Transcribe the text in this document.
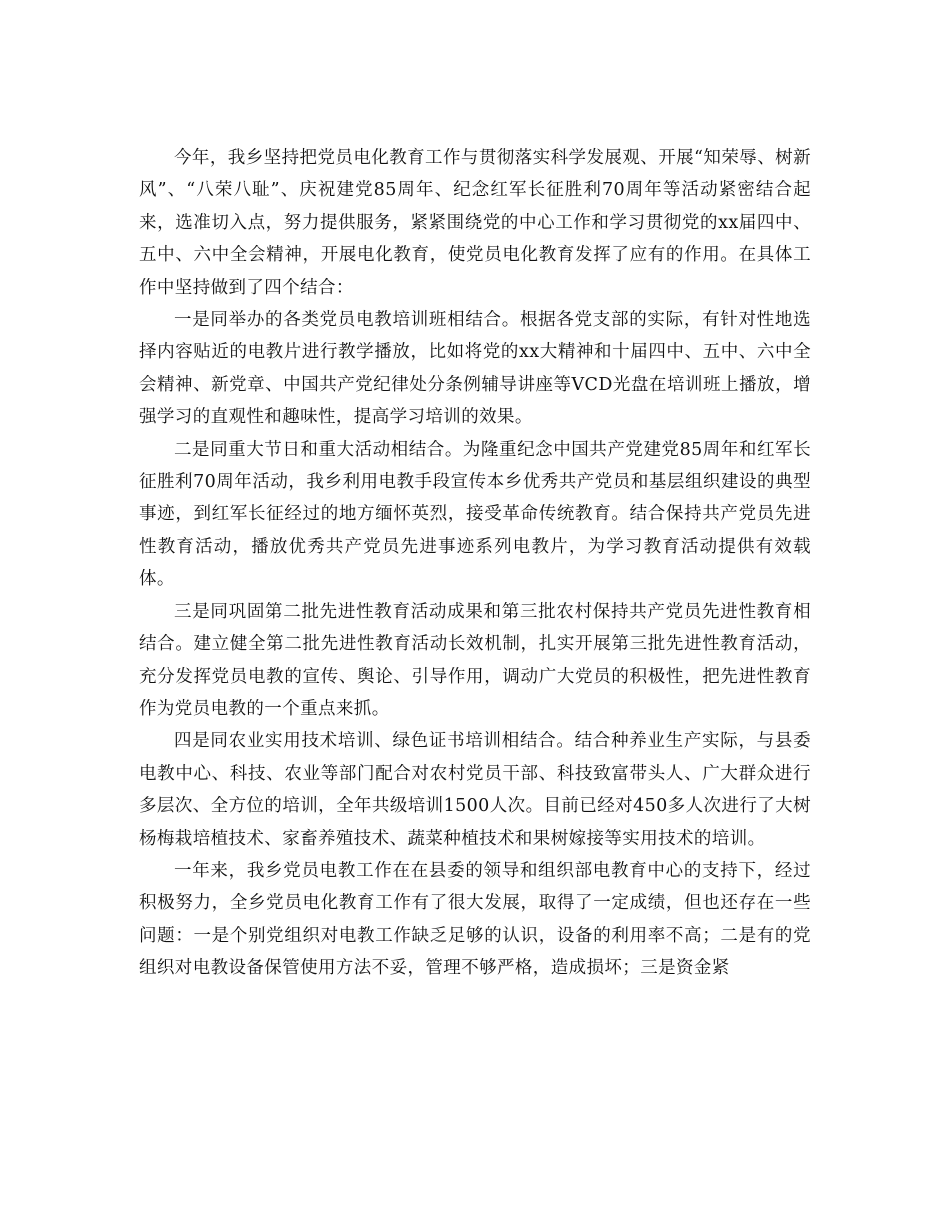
今年，我乡坚持把党员电化教育工作与贯彻落实科学发展观、开展“知荣辱、树新风”、“八荣八耻”、庆祝建党85周年、纪念红军长征胜利70周年等活动紧密结合起来，选准切入点，努力提供服务，紧紧围绕党的中心工作和学习贯彻党的xx届四中、五中、六中全会精神，开展电化教育，使党员电化教育发挥了应有的作用。在具体工作中坚持做到了四个结合：

一是同举办的各类党员电教培训班相结合。根据各党支部的实际，有针对性地选择内容贴近的电教片进行教学播放，比如将党的xx大精神和十届四中、五中、六中全会精神、新党章、中国共产党纪律处分条例辅导讲座等VCD光盘在培训班上播放，增强学习的直观性和趣味性，提高学习培训的效果。

二是同重大节日和重大活动相结合。为隆重纪念中国共产党建党85周年和红军长征胜利70周年活动，我乡利用电教手段宣传本乡优秀共产党员和基层组织建设的典型事迹，到红军长征经过的地方缅怀英烈，接受革命传统教育。结合保持共产党员先进性教育活动，播放优秀共产党员先进事迹系列电教片，为学习教育活动提供有效载体。

三是同巩固第二批先进性教育活动成果和第三批农村保持共产党员先进性教育相结合。建立健全第二批先进性教育活动长效机制，扎实开展第三批先进性教育活动，充分发挥党员电教的宣传、舆论、引导作用，调动广大党员的积极性，把先进性教育作为党员电教的一个重点来抓。

四是同农业实用技术培训、绿色证书培训相结合。结合种养业生产实际，与县委电教中心、科技、农业等部门配合对农村党员干部、科技致富带头人、广大群众进行多层次、全方位的培训，全年共级培训1500人次。目前已经对450多人次进行了大树杨梅栽培植技术、家畜养殖技术、蔬菜种植技术和果树嫁接等实用技术的培训。

一年来，我乡党员电教工作在在县委的领导和组织部电教育中心的支持下，经过积极努力，全乡党员电化教育工作有了很大发展，取得了一定成绩，但也还存在一些问题：一是个别党组织对电教工作缺乏足够的认识，设备的利用率不高；二是有的党组织对电教设备保管使用方法不妥，管理不够严格，造成损坏；三是资金紧
